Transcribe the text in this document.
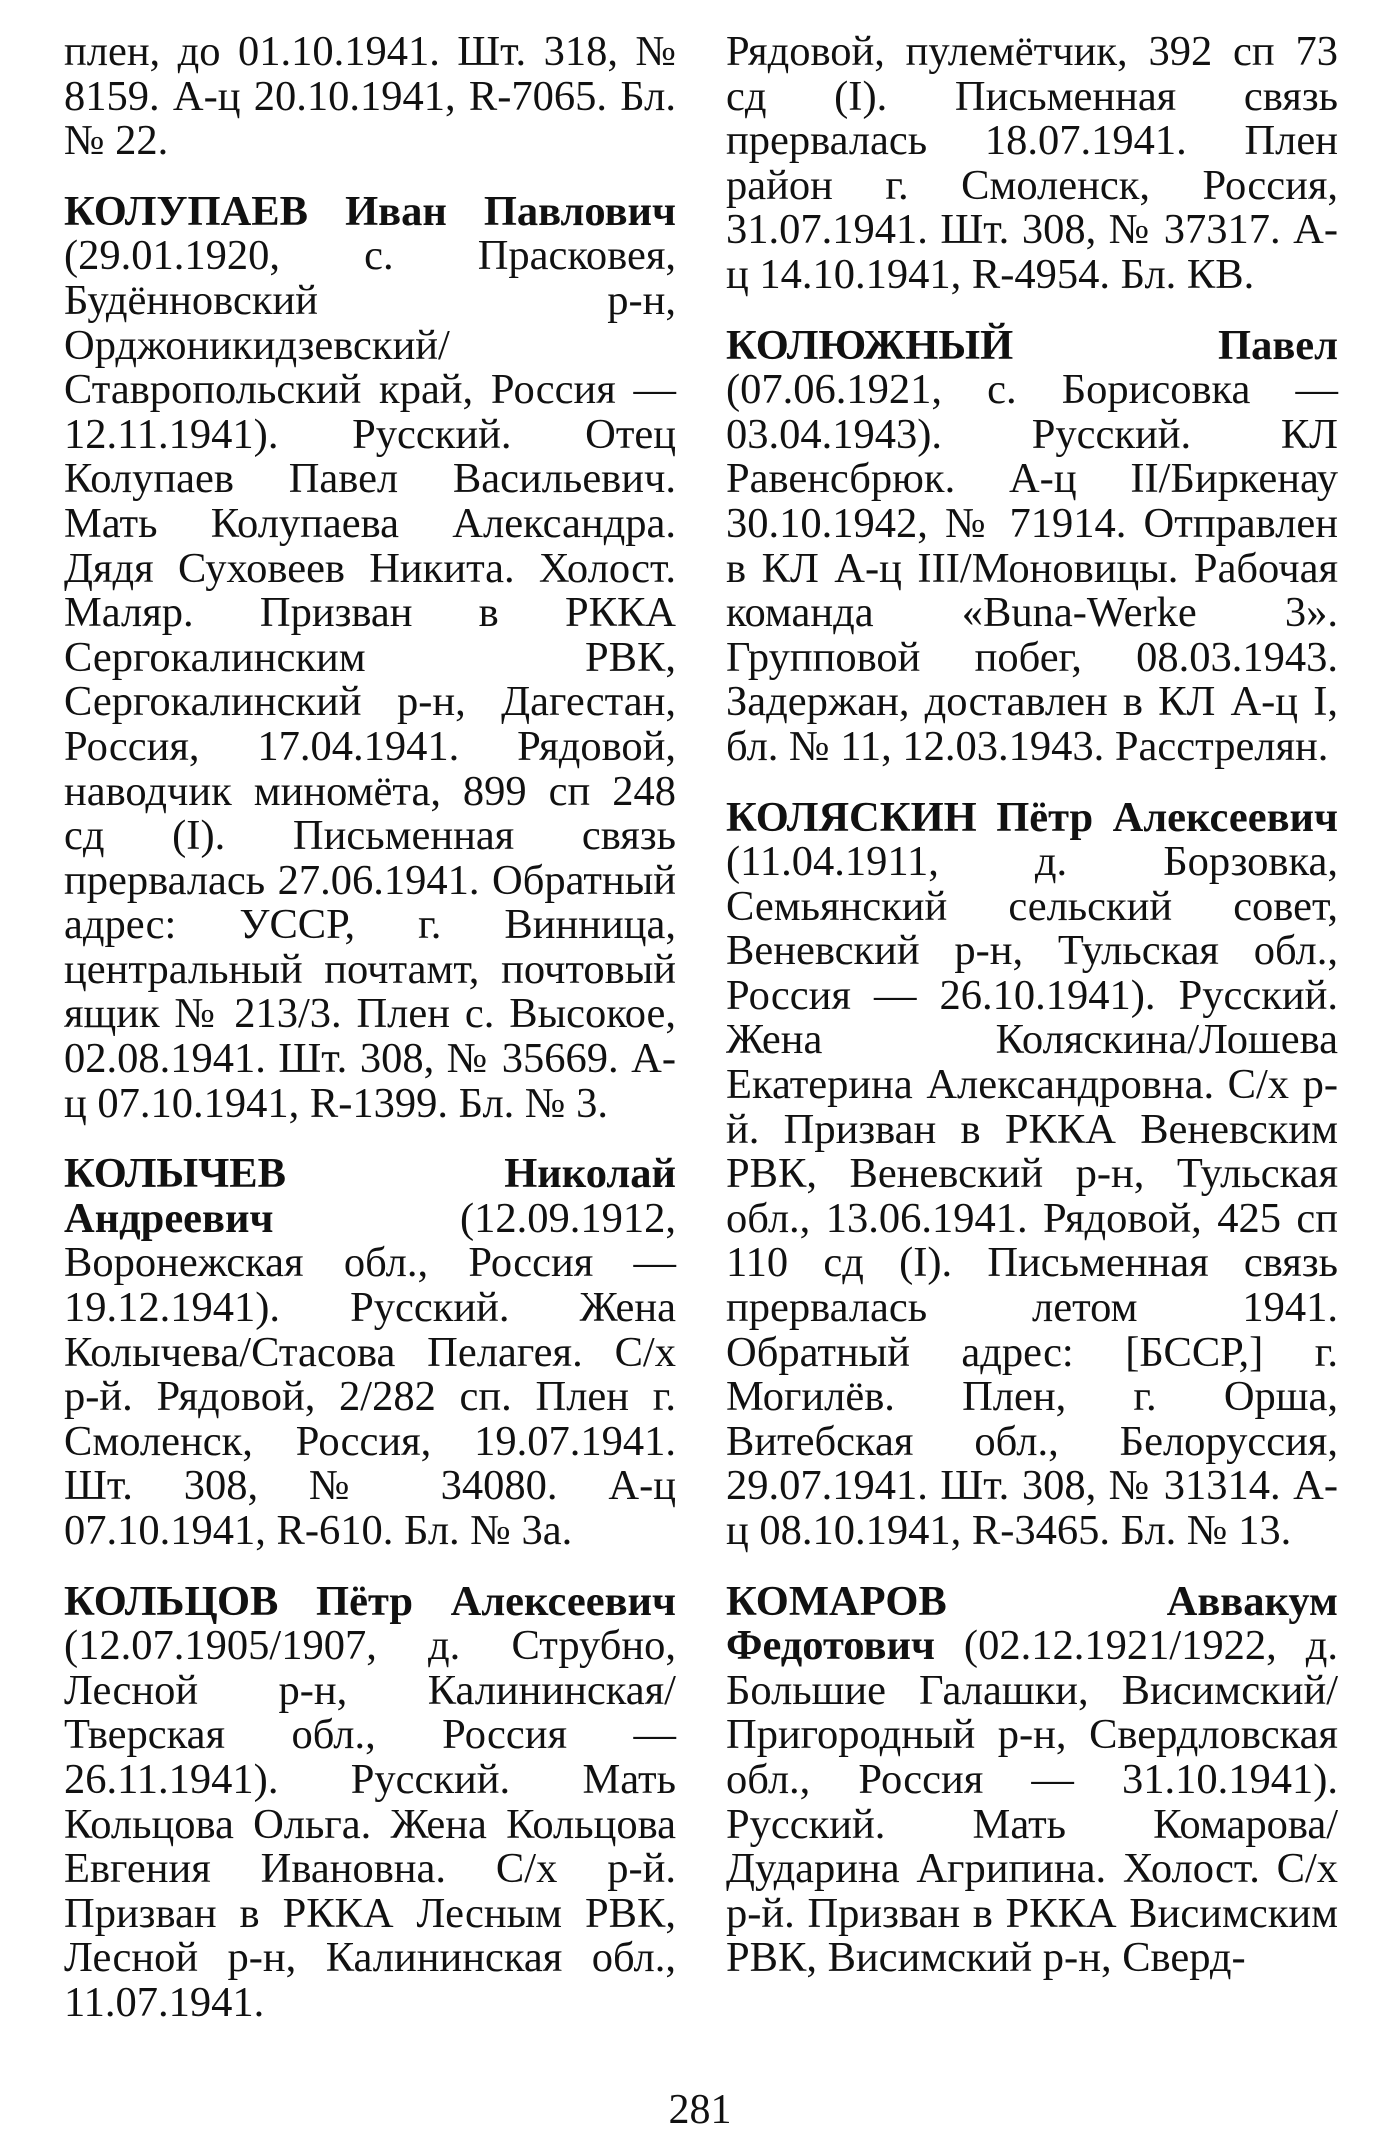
плен, до 01.10.1941. Шт. 318, № 8159. А-ц 20.10.1941, R-7065. Бл. № 22.

КОЛУПАЕВ Иван Павлович (29.01.1920, с. Прасковея, Будённовский р-н, Орджоникидзевский/Ставропольский край, Россия — 12.11.1941). Русский. Отец Колупаев Павел Васильевич. Мать Колупаева Александра. Дядя Суховеев Никита. Холост. Маляр. Призван в РККА Сергокалинским РВК, Сергокалинский р-н, Дагестан, Россия, 17.04.1941. Рядовой, наводчик миномёта, 899 сп 248 сд (I). Письменная связь прервалась 27.06.1941. Обратный адрес: УССР, г. Винница, центральный почтамт, почтовый ящик № 213/3. Плен с. Высокое, 02.08.1941. Шт. 308, № 35669. А-ц 07.10.1941, R-1399. Бл. № 3.

КОЛЫЧЕВ Николай Андреевич (12.09.1912, Воронежская обл., Россия — 19.12.1941). Русский. Жена Колычева/Стасова Пелагея. С/х р-й. Рядовой, 2/282 сп. Плен г. Смоленск, Россия, 19.07.1941. Шт. 308, № 34080. А-ц 07.10.1941, R-610. Бл. № 3а.

КОЛЬЦОВ Пётр Алексеевич (12.07.1905/1907, д. Струбно, Лесной р-н, Калининская/Тверская обл., Россия — 26.11.1941). Русский. Мать Кольцова Ольга. Жена Кольцова Евгения Ивановна. С/х р-й. Призван в РККА Лесным РВК, Лесной р-н, Калининская обл., 11.07.1941.

Рядовой, пулемётчик, 392 сп 73 сд (I). Письменная связь прервалась 18.07.1941. Плен район г. Смоленск, Россия, 31.07.1941. Шт. 308, № 37317. А-ц 14.10.1941, R-4954. Бл. КВ.

КОЛЮЖНЫЙ Павел (07.06.1921, с. Борисовка — 03.04.1943). Русский. КЛ Равенсбрюк. А-ц II/Биркенау 30.10.1942, № 71914. Отправлен в КЛ А-ц III/Моновицы. Рабочая команда «Buna-Werke 3». Групповой побег, 08.03.1943. Задержан, доставлен в КЛ А-ц I, бл. № 11, 12.03.1943. Расстрелян.

КОЛЯСКИН Пётр Алексеевич (11.04.1911, д. Борзовка, Семьянский сельский совет, Веневский р-н, Тульская обл., Россия — 26.10.1941). Русский. Жена Коляскина/Лошева Екатерина Александровна. С/х р-й. Призван в РККА Веневским РВК, Веневский р-н, Тульская обл., 13.06.1941. Рядовой, 425 сп 110 сд (I). Письменная связь прервалась летом 1941. Обратный адрес: [БССР,] г. Могилёв. Плен, г. Орша, Витебская обл., Белоруссия, 29.07.1941. Шт. 308, № 31314. А-ц 08.10.1941, R-3465. Бл. № 13.

КОМАРОВ Аввакум Федотович (02.12.1921/1922, д. Большие Галашки, Висимский/Пригородный р-н, Свердловская обл., Россия — 31.10.1941). Русский. Мать Комарова/Дударина Агрипина. Холост. С/х р-й. Призван в РККА Висимским РВК, Висимский р-н, Сверд-

281
